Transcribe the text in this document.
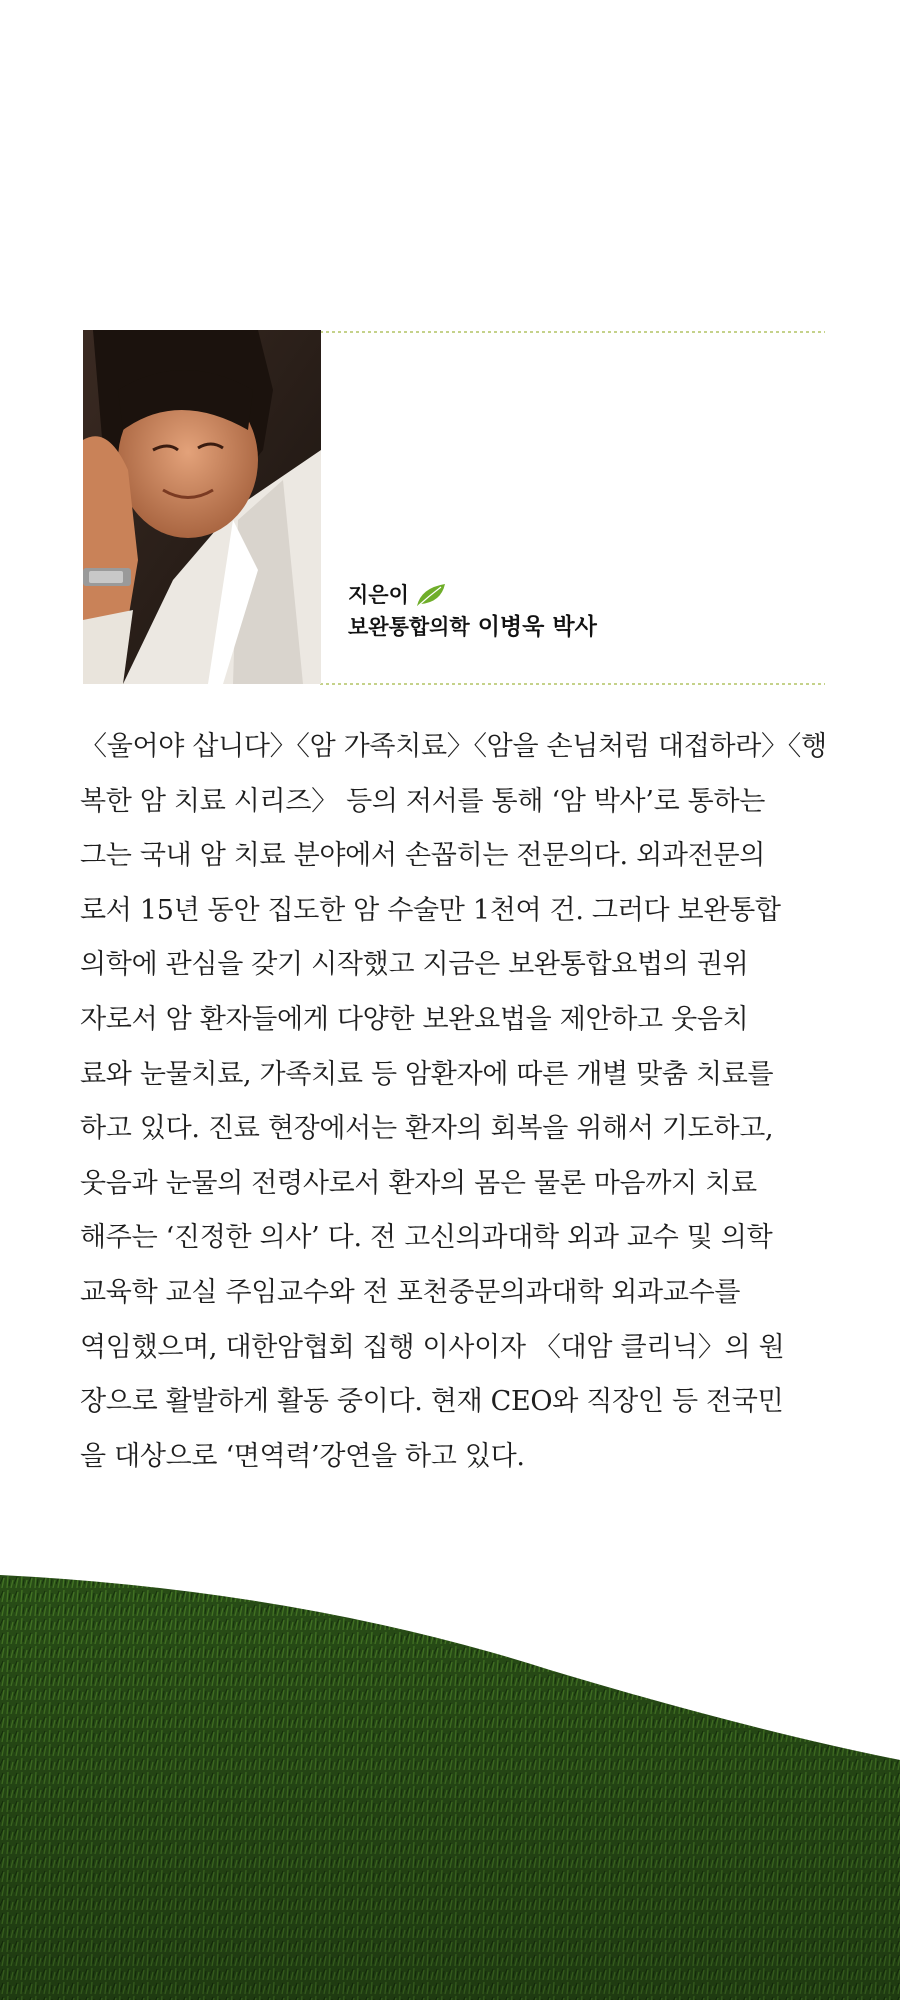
지은이
보완통합의학 이병욱 박사
〈울어야 삽니다〉〈암 가족치료〉〈암을 손님처럼 대접하라〉〈행
복한 암 치료 시리즈〉 등의 저서를 통해 ‘암 박사’로 통하는
그는 국내 암 치료 분야에서 손꼽히는 전문의다. 외과전문의
로서 15년 동안 집도한 암 수술만 1천여 건. 그러다 보완통합
의학에 관심을 갖기 시작했고 지금은 보완통합요법의 권위
자로서 암 환자들에게 다양한 보완요법을 제안하고 웃음치
료와 눈물치료, 가족치료 등 암환자에 따른 개별 맞춤 치료를
하고 있다. 진료 현장에서는 환자의 회복을 위해서 기도하고,
웃음과 눈물의 전령사로서 환자의 몸은 물론 마음까지 치료
해주는 ‘진정한 의사’ 다. 전 고신의과대학 외과 교수 및 의학
교육학 교실 주임교수와 전 포천중문의과대학 외과교수를
역임했으며, 대한암협회 집행 이사이자 〈대암 클리닉〉의 원
장으로 활발하게 활동 중이다. 현재 CEO와 직장인 등 전국민
을 대상으로 ‘면역력’강연을 하고 있다.
